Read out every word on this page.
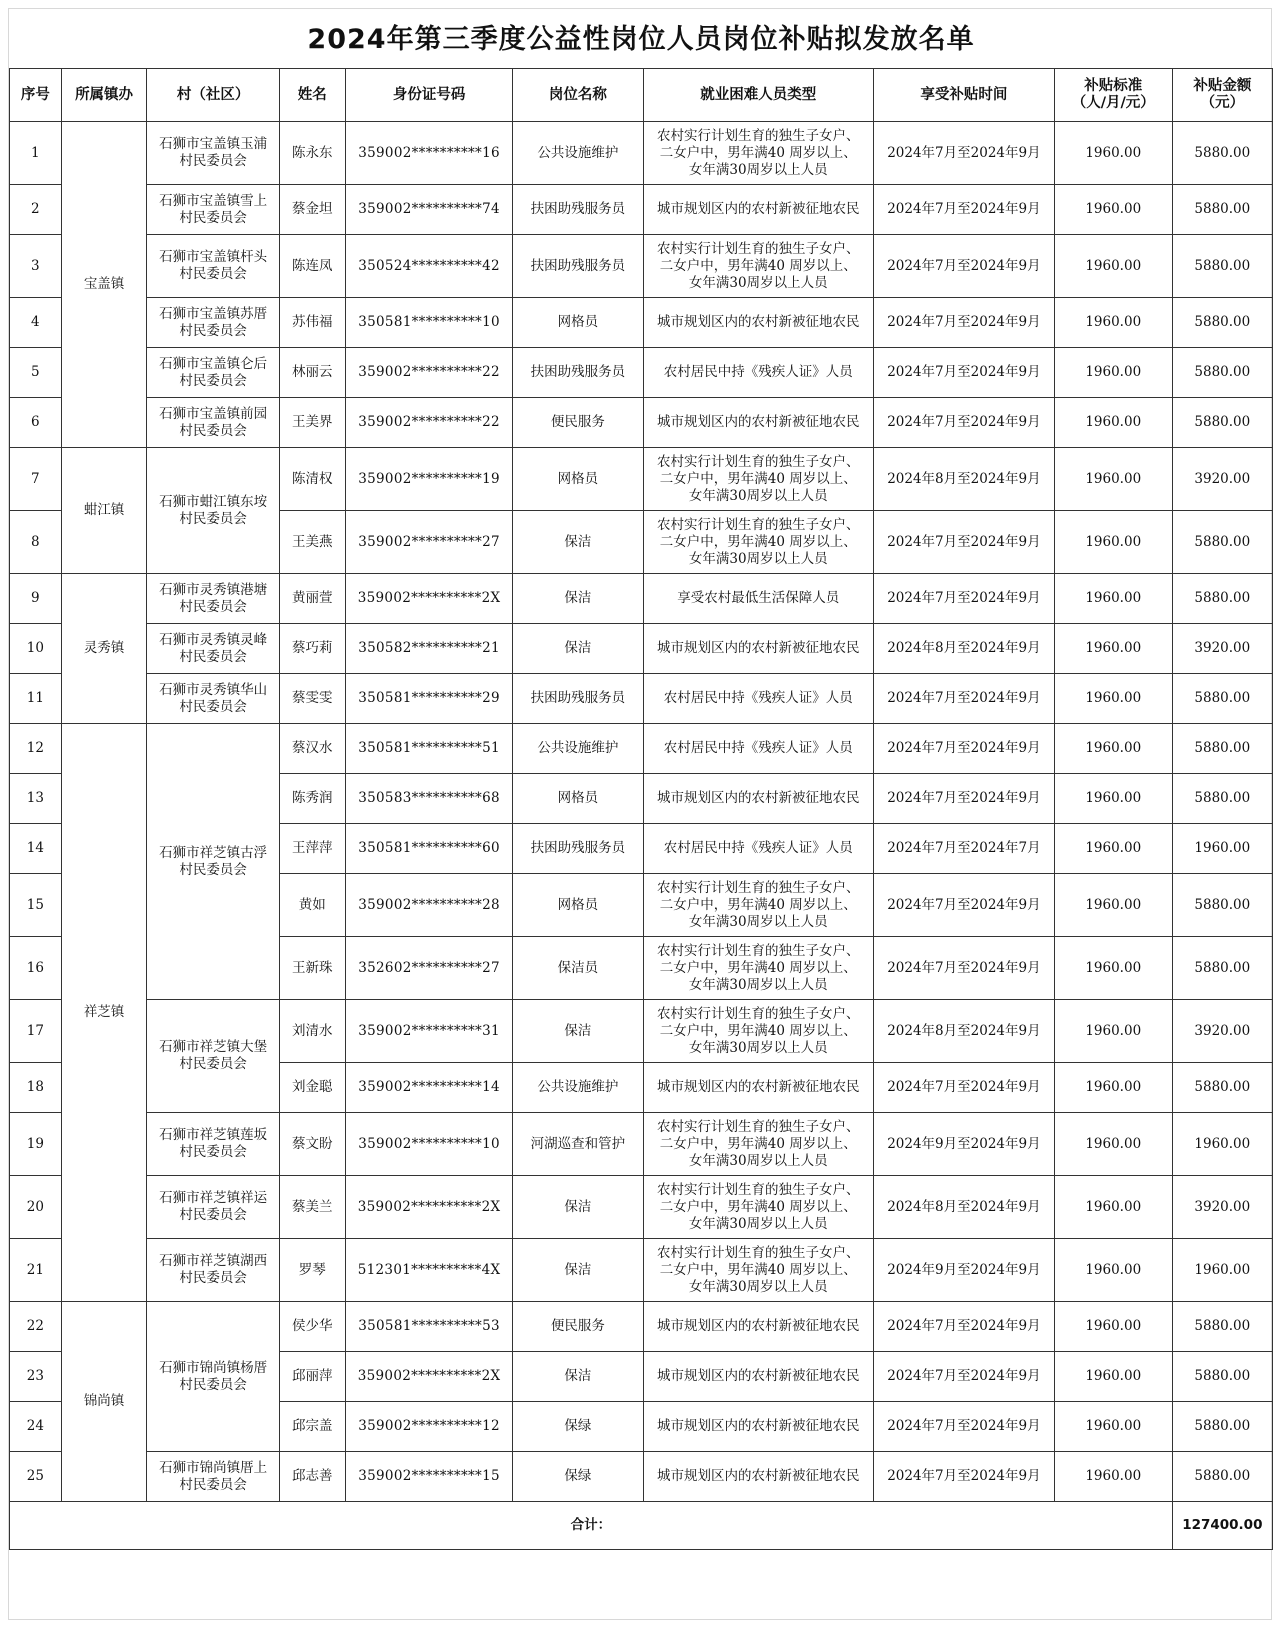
2024年第三季度公益性岗位人员岗位补贴拟发放名单
序号	所属镇办	村（社区）	姓名	身份证号码	岗位名称	就业困难人员类型	享受补贴时间	补贴标准
（人/月/元）	补贴金额
（元）
1	宝盖镇	石狮市宝盖镇玉浦
村民委员会	陈永东	359002**********16	公共设施维护	农村实行计划生育的独生子女户、
二女户中，男年满40 周岁以上、
女年满30周岁以上人员	2024年7月至2024年9月	1960.00	5880.00
2		石狮市宝盖镇雪上
村民委员会	蔡金坦	359002**********74	扶困助残服务员	城市规划区内的农村新被征地农民	2024年7月至2024年9月	1960.00	5880.00
3		石狮市宝盖镇杆头
村民委员会	陈连凤	350524**********42	扶困助残服务员	农村实行计划生育的独生子女户、
二女户中，男年满40 周岁以上、
女年满30周岁以上人员	2024年7月至2024年9月	1960.00	5880.00
4		石狮市宝盖镇苏厝
村民委员会	苏伟福	350581**********10	网格员	城市规划区内的农村新被征地农民	2024年7月至2024年9月	1960.00	5880.00
5		石狮市宝盖镇仑后
村民委员会	林丽云	359002**********22	扶困助残服务员	农村居民中持《残疾人证》人员	2024年7月至2024年9月	1960.00	5880.00
6		石狮市宝盖镇前园
村民委员会	王美界	359002**********22	便民服务	城市规划区内的农村新被征地农民	2024年7月至2024年9月	1960.00	5880.00
7	蚶江镇	石狮市蚶江镇东垵
村民委员会	陈清权	359002**********19	网格员	农村实行计划生育的独生子女户、
二女户中，男年满40 周岁以上、
女年满30周岁以上人员	2024年8月至2024年9月	1960.00	3920.00
8			王美燕	359002**********27	保洁	农村实行计划生育的独生子女户、
二女户中，男年满40 周岁以上、
女年满30周岁以上人员	2024年7月至2024年9月	1960.00	5880.00
9	灵秀镇	石狮市灵秀镇港塘
村民委员会	黄丽萱	359002**********2X	保洁	享受农村最低生活保障人员	2024年7月至2024年9月	1960.00	5880.00
10		石狮市灵秀镇灵峰
村民委员会	蔡巧莉	350582**********21	保洁	城市规划区内的农村新被征地农民	2024年8月至2024年9月	1960.00	3920.00
11		石狮市灵秀镇华山
村民委员会	蔡雯雯	350581**********29	扶困助残服务员	农村居民中持《残疾人证》人员	2024年7月至2024年9月	1960.00	5880.00
12	祥芝镇	石狮市祥芝镇古浮
村民委员会	蔡汉水	350581**********51	公共设施维护	农村居民中持《残疾人证》人员	2024年7月至2024年9月	1960.00	5880.00
13			陈秀润	350583**********68	网格员	城市规划区内的农村新被征地农民	2024年7月至2024年9月	1960.00	5880.00
14			王萍萍	350581**********60	扶困助残服务员	农村居民中持《残疾人证》人员	2024年7月至2024年7月	1960.00	1960.00
15			黄如	359002**********28	网格员	农村实行计划生育的独生子女户、
二女户中，男年满40 周岁以上、
女年满30周岁以上人员	2024年7月至2024年9月	1960.00	5880.00
16			王新珠	352602**********27	保洁员	农村实行计划生育的独生子女户、
二女户中，男年满40 周岁以上、
女年满30周岁以上人员	2024年7月至2024年9月	1960.00	5880.00
17		石狮市祥芝镇大堡
村民委员会	刘清水	359002**********31	保洁	农村实行计划生育的独生子女户、
二女户中，男年满40 周岁以上、
女年满30周岁以上人员	2024年8月至2024年9月	1960.00	3920.00
18			刘金聪	359002**********14	公共设施维护	城市规划区内的农村新被征地农民	2024年7月至2024年9月	1960.00	5880.00
19		石狮市祥芝镇莲坂
村民委员会	蔡文盼	359002**********10	河湖巡查和管护	农村实行计划生育的独生子女户、
二女户中，男年满40 周岁以上、
女年满30周岁以上人员	2024年9月至2024年9月	1960.00	1960.00
20		石狮市祥芝镇祥运
村民委员会	蔡美兰	359002**********2X	保洁	农村实行计划生育的独生子女户、
二女户中，男年满40 周岁以上、
女年满30周岁以上人员	2024年8月至2024年9月	1960.00	3920.00
21		石狮市祥芝镇湖西
村民委员会	罗琴	512301**********4X	保洁	农村实行计划生育的独生子女户、
二女户中，男年满40 周岁以上、
女年满30周岁以上人员	2024年9月至2024年9月	1960.00	1960.00
22	锦尚镇	石狮市锦尚镇杨厝
村民委员会	侯少华	350581**********53	便民服务	城市规划区内的农村新被征地农民	2024年7月至2024年9月	1960.00	5880.00
23			邱丽萍	359002**********2X	保洁	城市规划区内的农村新被征地农民	2024年7月至2024年9月	1960.00	5880.00
24			邱宗盖	359002**********12	保绿	城市规划区内的农村新被征地农民	2024年7月至2024年9月	1960.00	5880.00
25		石狮市锦尚镇厝上
村民委员会	邱志善	359002**********15	保绿	城市规划区内的农村新被征地农民	2024年7月至2024年9月	1960.00	5880.00
合计：									127400.00
